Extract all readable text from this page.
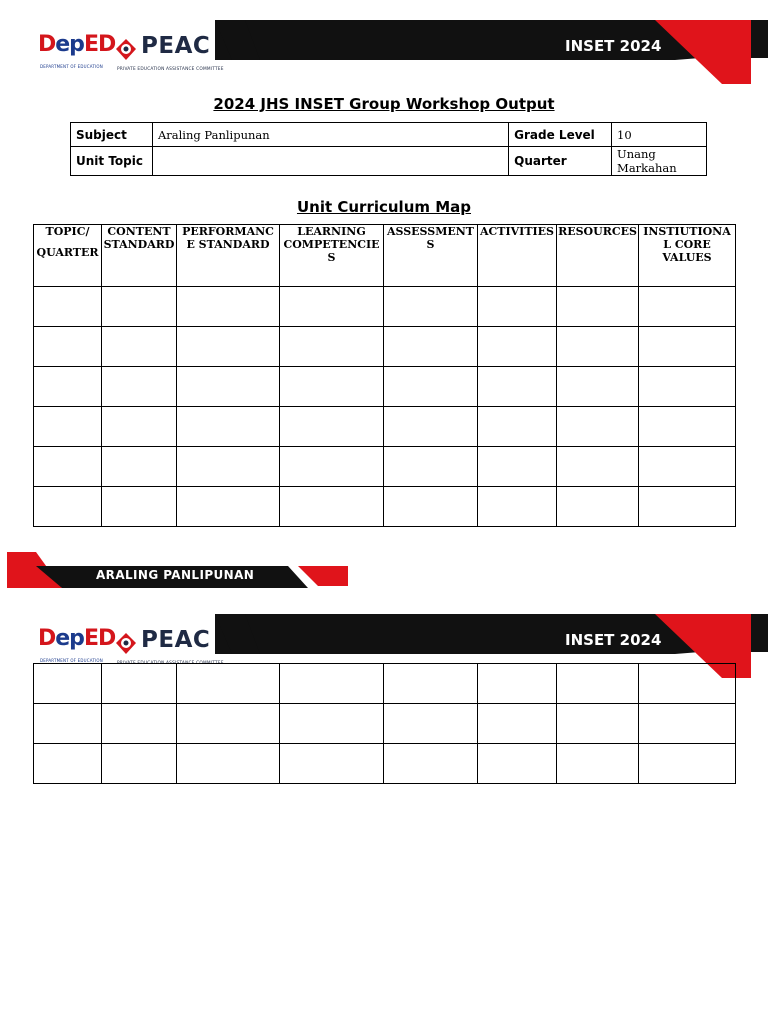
DepED
DEPARTMENT OF EDUCATION
PEAC
PRIVATE EDUCATION ASSISTANCE COMMITTEE
INSET 2024
2024 JHS INSET Group Workshop Output
Subject	Araling Panlipunan	Grade Level	10
Unit Topic		Quarter	Unang Markahan
Unit Curriculum Map
TOPIC/
QUARTER	CONTENT STANDARD	PERFORMANCE STANDARD	LEARNING COMPETENCIES	ASSESSMENT S	ACTIVITIES	RESOURCES	INSTIUTIONAL CORE VALUES

ARALING PANLIPUNAN
DepED
DEPARTMENT OF EDUCATION
PEAC
PRIVATE EDUCATION ASSISTANCE COMMITTEE
INSET 2024
